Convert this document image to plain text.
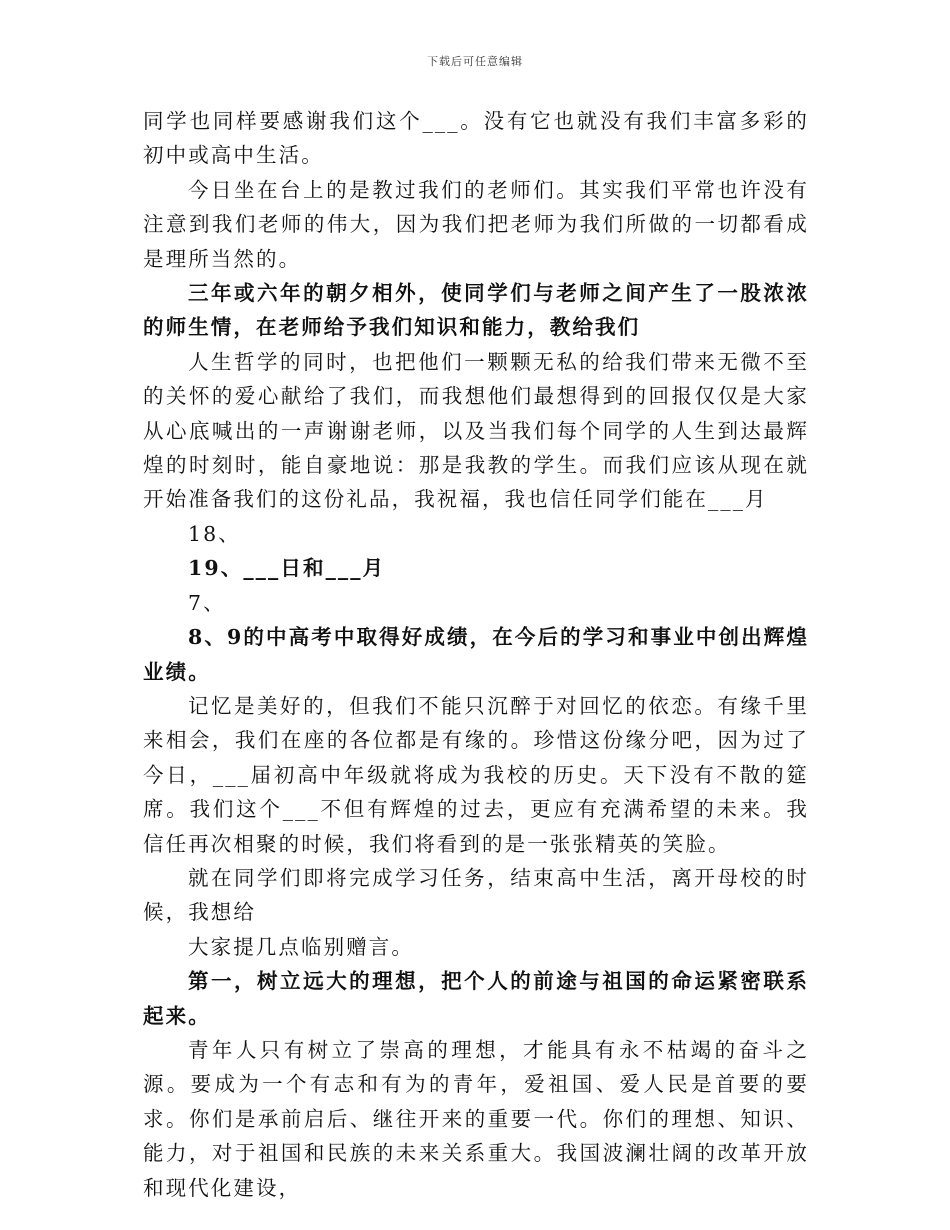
下载后可任意编辑

同学也同样要感谢我们这个___。没有它也就没有我们丰富多彩的初中或高中生活。

今日坐在台上的是教过我们的老师们。其实我们平常也许没有注意到我们老师的伟大，因为我们把老师为我们所做的一切都看成是理所当然的。

三年或六年的朝夕相外，使同学们与老师之间产生了一股浓浓的师生情，在老师给予我们知识和能力，教给我们

人生哲学的同时，也把他们一颗颗无私的给我们带来无微不至的关怀的爱心献给了我们，而我想他们最想得到的回报仅仅是大家从心底喊出的一声谢谢老师，以及当我们每个同学的人生到达最辉煌的时刻时，能自豪地说：那是我教的学生。而我们应该从现在就开始准备我们的这份礼品，我祝福，我也信任同学们能在___月

18、

19、___日和___月

7、

8、9的中高考中取得好成绩，在今后的学习和事业中创出辉煌业绩。

记忆是美好的，但我们不能只沉醉于对回忆的依恋。有缘千里来相会，我们在座的各位都是有缘的。珍惜这份缘分吧，因为过了今日，___届初高中年级就将成为我校的历史。天下没有不散的筵席。我们这个___不但有辉煌的过去，更应有充满希望的未来。我信任再次相聚的时候，我们将看到的是一张张精英的笑脸。

就在同学们即将完成学习任务，结束高中生活，离开母校的时候，我想给

大家提几点临别赠言。

第一，树立远大的理想，把个人的前途与祖国的命运紧密联系起来。

青年人只有树立了崇高的理想，才能具有永不枯竭的奋斗之源。要成为一个有志和有为的青年，爱祖国、爱人民是首要的要求。你们是承前启后、继往开来的重要一代。你们的理想、知识、能力，对于祖国和民族的未来关系重大。我国波澜壮阔的改革开放和现代化建设，
